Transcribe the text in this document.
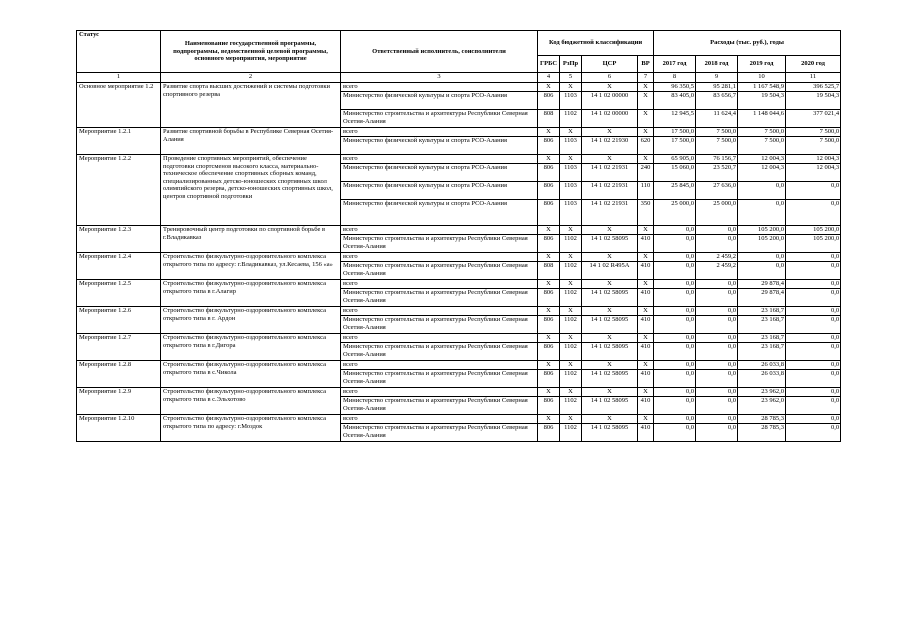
Статус	Наименование государственной программы, подпрограммы, ведомственной целевой программы, основного мероприятия, мероприятие	Ответственный исполнитель, соисполнители	Код бюджетной классификации				Расходы (тыс. руб.), годы			
			ГРБС	РзПр	ЦСР	ВР	2017 год	2018 год	2019 год	2020 год
1	2	3	4	5	6	7	8	9	10	11
Основное мероприятие 1.2	Развитие спорта высших достижений и системы подготовки спортивного резерва	всего	Х	Х	Х	Х	96 350,5	95 281,1	1 167 548,9	396 525,7
		Министерство физической культуры и спорта РСО-Алания	806	1103	14 1 02 00000	Х	83 405,0	83 656,7	19 504,3	19 504,3
		Министерство строительства и архитектуры Республики Северная Осетия-Алания	808	1102	14 1 02 00000	Х	12 945,5	11 624,4	1 148 044,6	377 021,4
Мероприятие 1.2.1	Развитие спортивной борьбы в Республике Северная Осетия-Алания	всего	Х	Х	Х	Х	17 500,0	7 500,0	7 500,0	7 500,0
		Министерство физической культуры и спорта РСО-Алания	806	1103	14 1 02 21930	620	17 500,0	7 500,0	7 500,0	7 500,0
Мероприятие 1.2.2	Проведение спортивных мероприятий, обеспечение подготовки спортсменов высокого класса, материально-техническое обеспечение спортивных сборных команд, специализированных детско-юношеских спортивных школ олимпийского резерва, детско-юношеских спортивных школ, центров спортивной подготовки	всего	Х	Х	Х	Х	65 905,0	76 156,7	12 004,3	12 004,3
		Министерство физической культуры и спорта РСО-Алания	806	1103	14 1 02 21931	240	15 060,0	23 520,7	12 004,3	12 004,3
		Министерство физической культуры и спорта РСО-Алания	806	1103	14 1 02 21931	110	25 845,0	27 636,0	0,0	0,0
		Министерство физической культуры и спорта РСО-Алания	806	1103	14 1 02 21931	350	25 000,0	25 000,0	0,0	0,0
Мероприятие 1.2.3	Тренировочный центр подготовки по спортивной борьбе в г.Владикавказ	всего	Х	Х	Х	Х	0,0	0,0	105 200,0	105 200,0
		Министерство строительства и архитектуры Республики Северная Осетия-Алания	806	1102	14 1 02 58095	410	0,0	0,0	105 200,0	105 200,0
Мероприятие 1.2.4	Строительство физкультурно-оздоровительного комплекса открытого типа по адресу: г.Владикавказ, ул.Кесаева, 156 «а»	всего	Х	Х	Х	Х	0,0	2 459,2	0,0	0,0
		Министерство строительства и архитектуры Республики Северная Осетия-Алания	808	1102	14 1 02 R495А	410	0,0	2 459,2	0,0	0,0
Мероприятие 1.2.5	Строительство физкультурно-оздоровительного комплекса открытого типа в г.Алагир	всего	Х	Х	Х	Х	0,0	0,0	29 878,4	0,0
		Министерство строительства и архитектуры Республики Северная Осетия-Алания	806	1102	14 1 02 58095	410	0,0	0,0	29 878,4	0,0
Мероприятие 1.2.6	Строительство физкультурно-оздоровительного комплекса открытого типа в г. Ардон	всего	Х	Х	Х	Х	0,0	0,0	23 168,7	0,0
		Министерство строительства и архитектуры Республики Северная Осетия-Алания	806	1102	14 1 02 58095	410	0,0	0,0	23 168,7	0,0
Мероприятие 1.2.7	Строительство физкультурно-оздоровительного комплекса открытого типа в г.Дигора	всего	Х	Х	Х	Х	0,0	0,0	23 168,7	0,0
		Министерство строительства и архитектуры Республики Северная Осетия-Алания	806	1102	14 1 02 58095	410	0,0	0,0	23 168,7	0,0
Мероприятие 1.2.8	Строительство физкультурно-оздоровительного комплекса открытого типа в с.Чикола	всего	Х	Х	Х	Х	0,0	0,0	26 033,8	0,0
		Министерство строительства и архитектуры Республики Северная Осетия-Алания	806	1102	14 1 02 58095	410	0,0	0,0	26 033,8	0,0
Мероприятие 1.2.9	Строительство физкультурно-оздоровительного комплекса открытого типа в с.Эльхотово	всего	Х	Х	Х	Х	0,0	0,0	23 962,0	0,0
		Министерство строительства и архитектуры Республики Северная Осетия-Алания	806	1102	14 1 02 58095	410	0,0	0,0	23 962,0	0,0
Мероприятие 1.2.10	Строительство физкультурно-оздоровительного комплекса открытого типа по адресу: г.Моздок	всего	Х	Х	Х	Х	0,0	0,0	28 785,3	0,0
		Министерство строительства и архитектуры Республики Северная Осетия-Алания	806	1102	14 1 02 58095	410	0,0	0,0	28 785,3	0,0
